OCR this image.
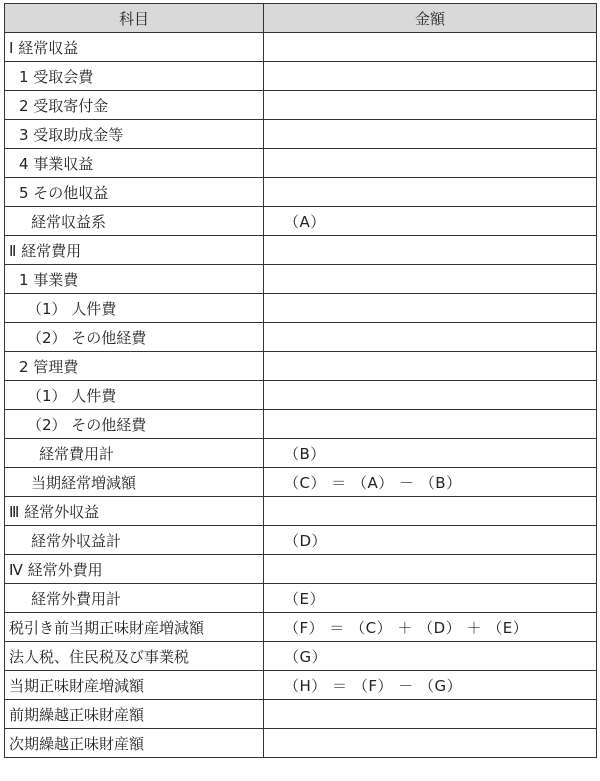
科目	金額
Ⅰ 経常収益	
1 受取会費	
2 受取寄付金	
3 受取助成金等	
4 事業収益	
5 その他収益	
経常収益系	（A）
Ⅱ 経常費用	
1 事業費	
（1） 人件費	
（2） その他経費	
2 管理費	
（1） 人件費	
（2） その他経費	
経常費用計	（B）
当期経常増減額	（C） ＝ （A） － （B）
Ⅲ 経常外収益	
経常外収益計	（D）
Ⅳ 経常外費用	
経常外費用計	（E）
税引き前当期正味財産増減額	（F） ＝ （C） ＋ （D） ＋ （E）
法人税、住民税及び事業税	（G）
当期正味財産増減額	（H） ＝ （F） － （G）
前期繰越正味財産額	
次期繰越正味財産額	
